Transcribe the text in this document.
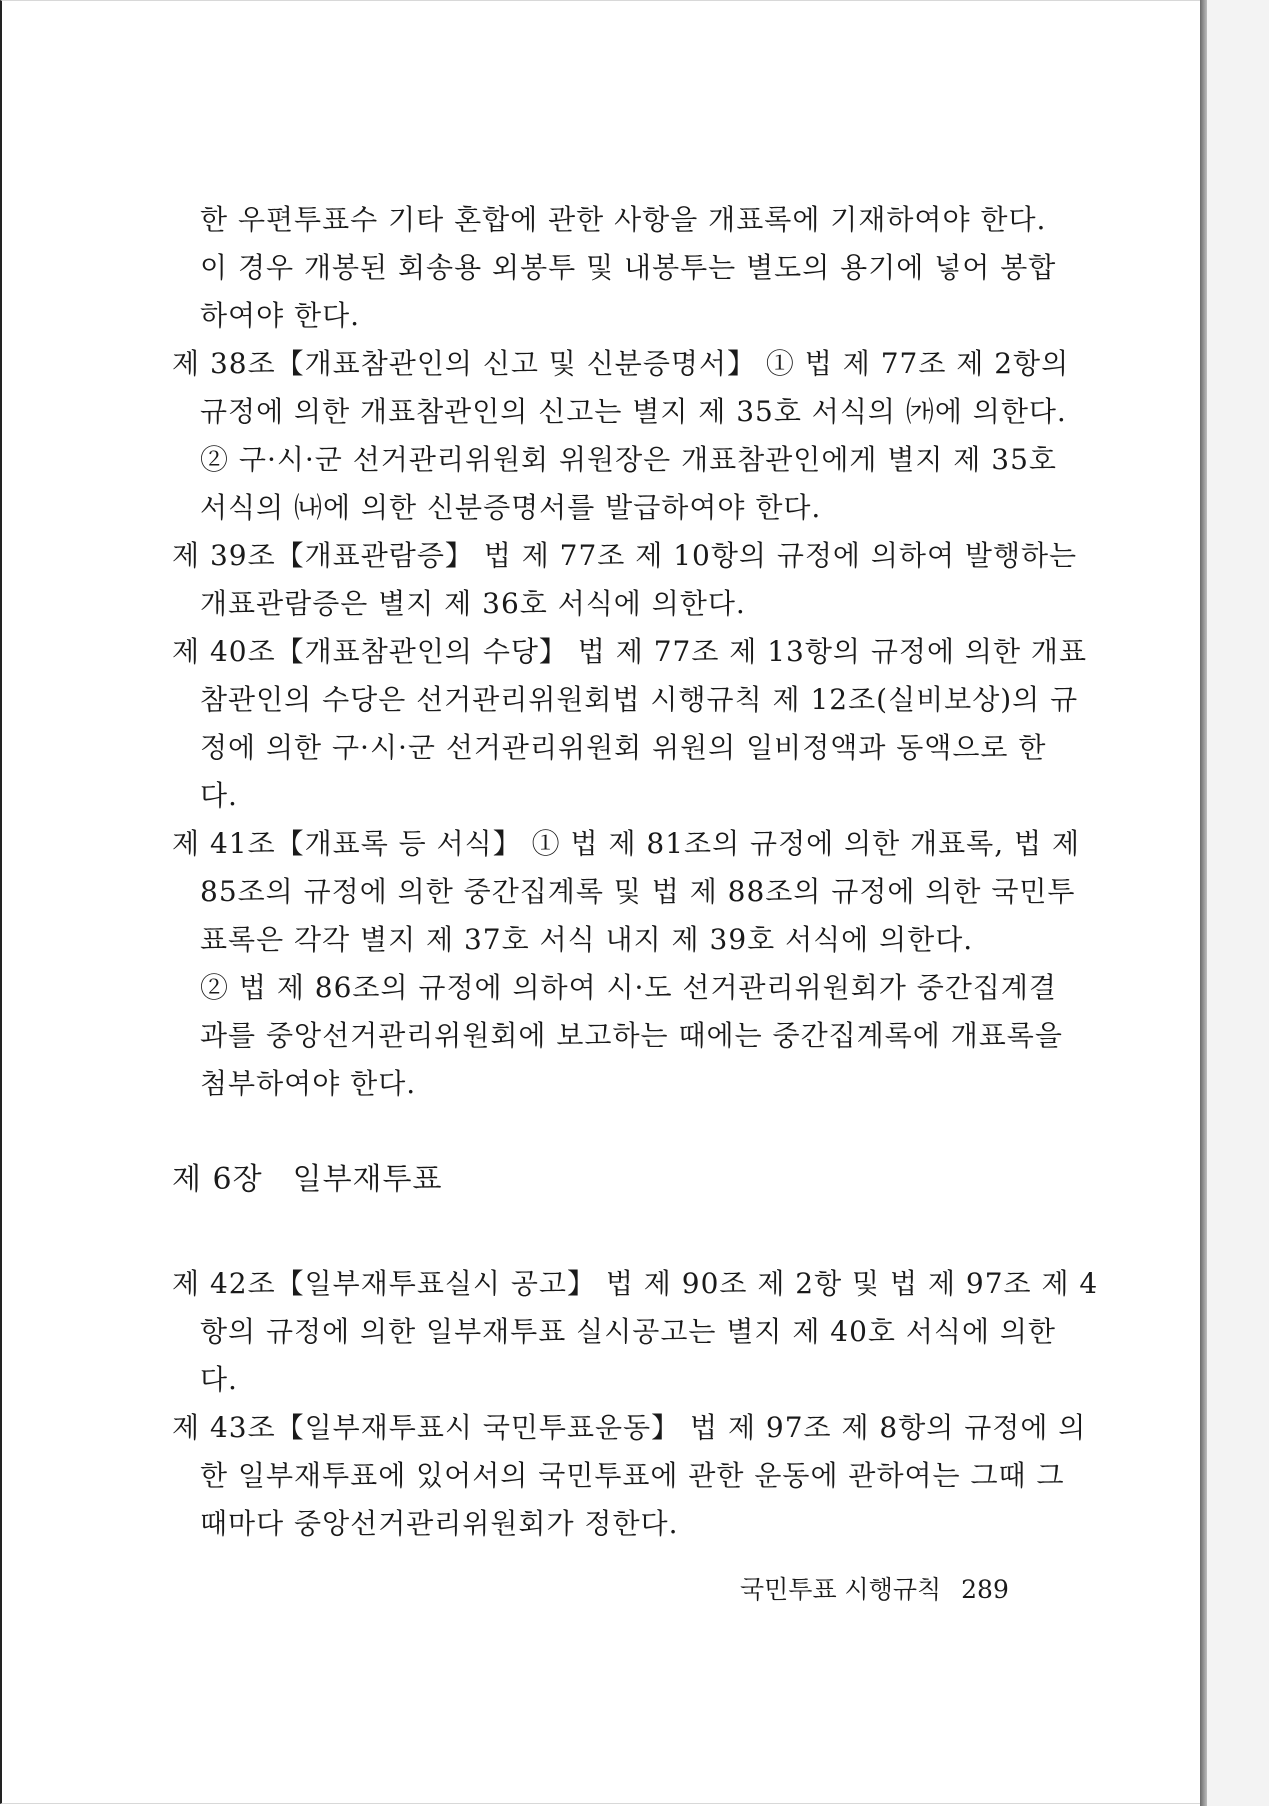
한 우편투표수 기타 혼합에 관한 사항을 개표록에 기재하여야 한다.
이 경우 개봉된 회송용 외봉투 및 내봉투는 별도의 용기에 넣어 봉합
하여야 한다.
제 38조【개표참관인의 신고 및 신분증명서】 ① 법 제 77조 제 2항의
규정에 의한 개표참관인의 신고는 별지 제 35호 서식의 ㈎에 의한다.
② 구·시·군 선거관리위원회 위원장은 개표참관인에게 별지 제 35호
서식의 ㈏에 의한 신분증명서를 발급하여야 한다.
제 39조【개표관람증】 법 제 77조 제 10항의 규정에 의하여 발행하는
개표관람증은 별지 제 36호 서식에 의한다.
제 40조【개표참관인의 수당】 법 제 77조 제 13항의 규정에 의한 개표
참관인의 수당은 선거관리위원회법 시행규칙 제 12조(실비보상)의 규
정에 의한 구·시·군 선거관리위원회 위원의 일비정액과 동액으로 한
다.
제 41조【개표록 등 서식】 ① 법 제 81조의 규정에 의한 개표록, 법 제
85조의 규정에 의한 중간집계록 및 법 제 88조의 규정에 의한 국민투
표록은 각각 별지 제 37호 서식 내지 제 39호 서식에 의한다.
② 법 제 86조의 규정에 의하여 시·도 선거관리위원회가 중간집계결
과를 중앙선거관리위원회에 보고하는 때에는 중간집계록에 개표록을
첨부하여야 한다.
제 6장 일부재투표
제 42조【일부재투표실시 공고】 법 제 90조 제 2항 및 법 제 97조 제 4
항의 규정에 의한 일부재투표 실시공고는 별지 제 40호 서식에 의한
다.
제 43조【일부재투표시 국민투표운동】 법 제 97조 제 8항의 규정에 의
한 일부재투표에 있어서의 국민투표에 관한 운동에 관하여는 그때 그
때마다 중앙선거관리위원회가 정한다.
국민투표 시행규칙 289
